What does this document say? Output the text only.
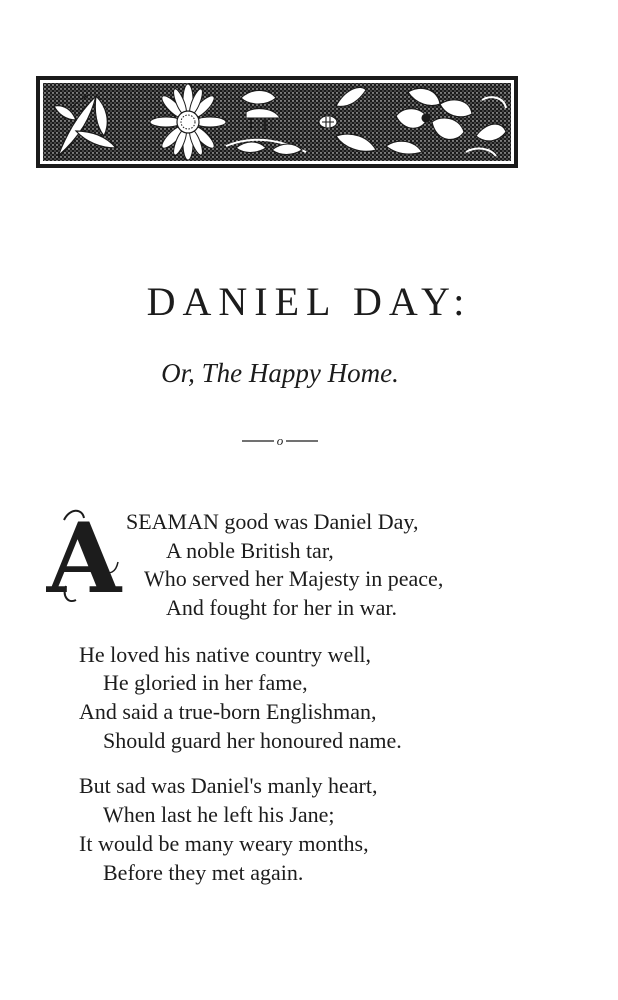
DANIEL DAY:
Or, The Happy Home.
o
A SEAMAN good was Daniel Day,
A noble British tar,
Who served her Majesty in peace,
And fought for her in war.
He loved his native country well,
He gloried in her fame,
And said a true-born Englishman,
Should guard her honoured name.
But sad was Daniel's manly heart,
When last he left his Jane;
It would be many weary months,
Before they met again.
